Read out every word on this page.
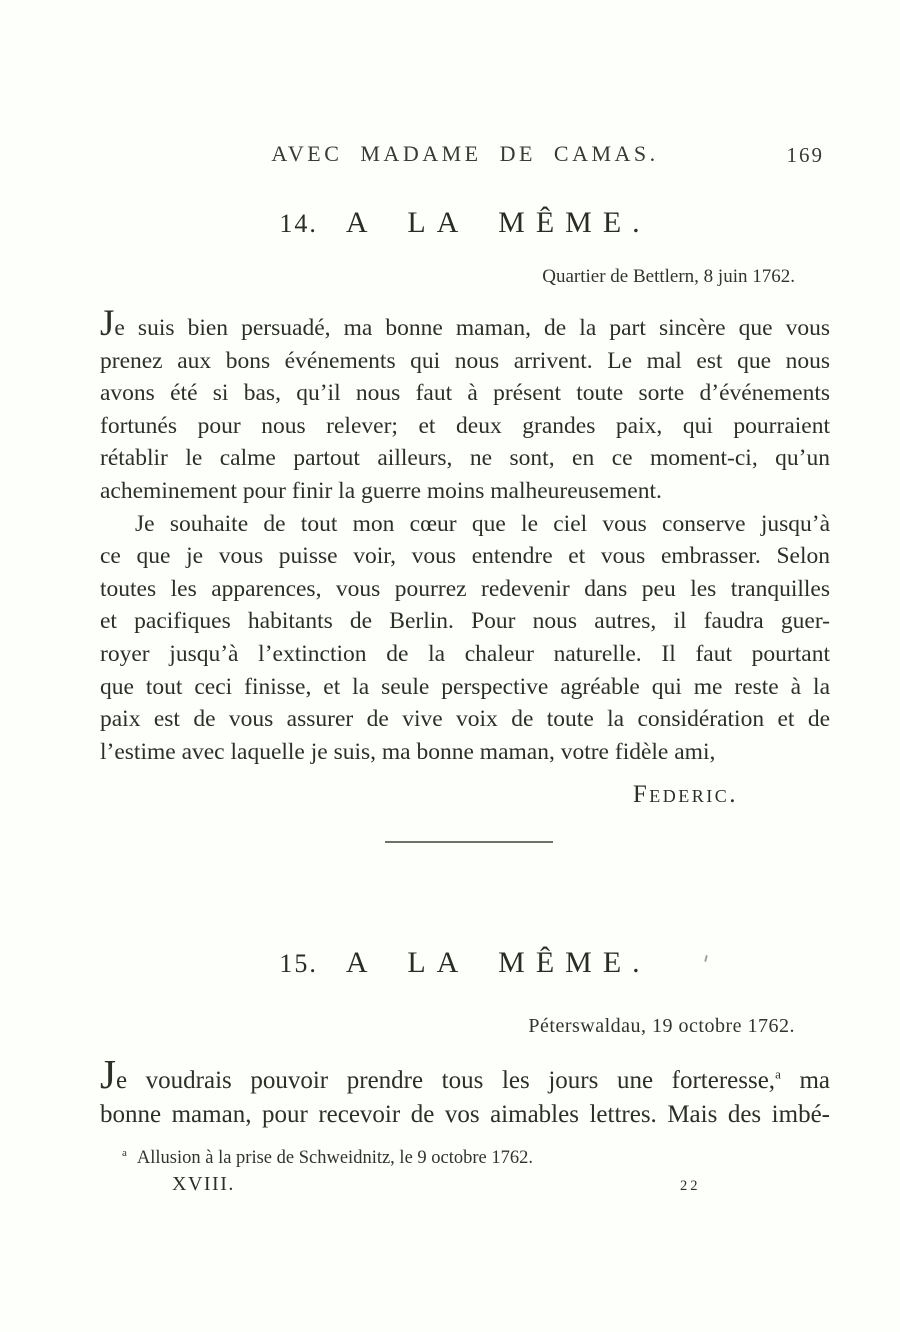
AVEC MADAME DE CAMAS.	169
14. A LA MÊME.
Quartier de Bettlern, 8 juin 1762.
Je suis bien persuadé, ma bonne maman, de la part sincère que vous
prenez aux bons événements qui nous arrivent. Le mal est que nous
avons été si bas, qu’il nous faut à présent toute sorte d’événements
fortunés pour nous relever; et deux grandes paix, qui pourraient
rétablir le calme partout ailleurs, ne sont, en ce moment-ci, qu’un
acheminement pour finir la guerre moins malheureusement.
Je souhaite de tout mon cœur que le ciel vous conserve jusqu’à
ce que je vous puisse voir, vous entendre et vous embrasser. Selon
toutes les apparences, vous pourrez redevenir dans peu les tranquilles
et pacifiques habitants de Berlin. Pour nous autres, il faudra guer-
royer jusqu’à l’extinction de la chaleur naturelle. Il faut pourtant
que tout ceci finisse, et la seule perspective agréable qui me reste à la
paix est de vous assurer de vive voix de toute la considération et de
l’estime avec laquelle je suis, ma bonne maman, votre fidèle ami,
Federic.
15. A LA MÊME.
Péterswaldau, 19 octobre 1762.
Je voudrais pouvoir prendre tous les jours une forteresse,$^a$ ma
bonne maman, pour recevoir de vos aimables lettres. Mais des imbé-
$^a$ Allusion à la prise de Schweidnitz, le 9 octobre 1762.
XVIII.	22
